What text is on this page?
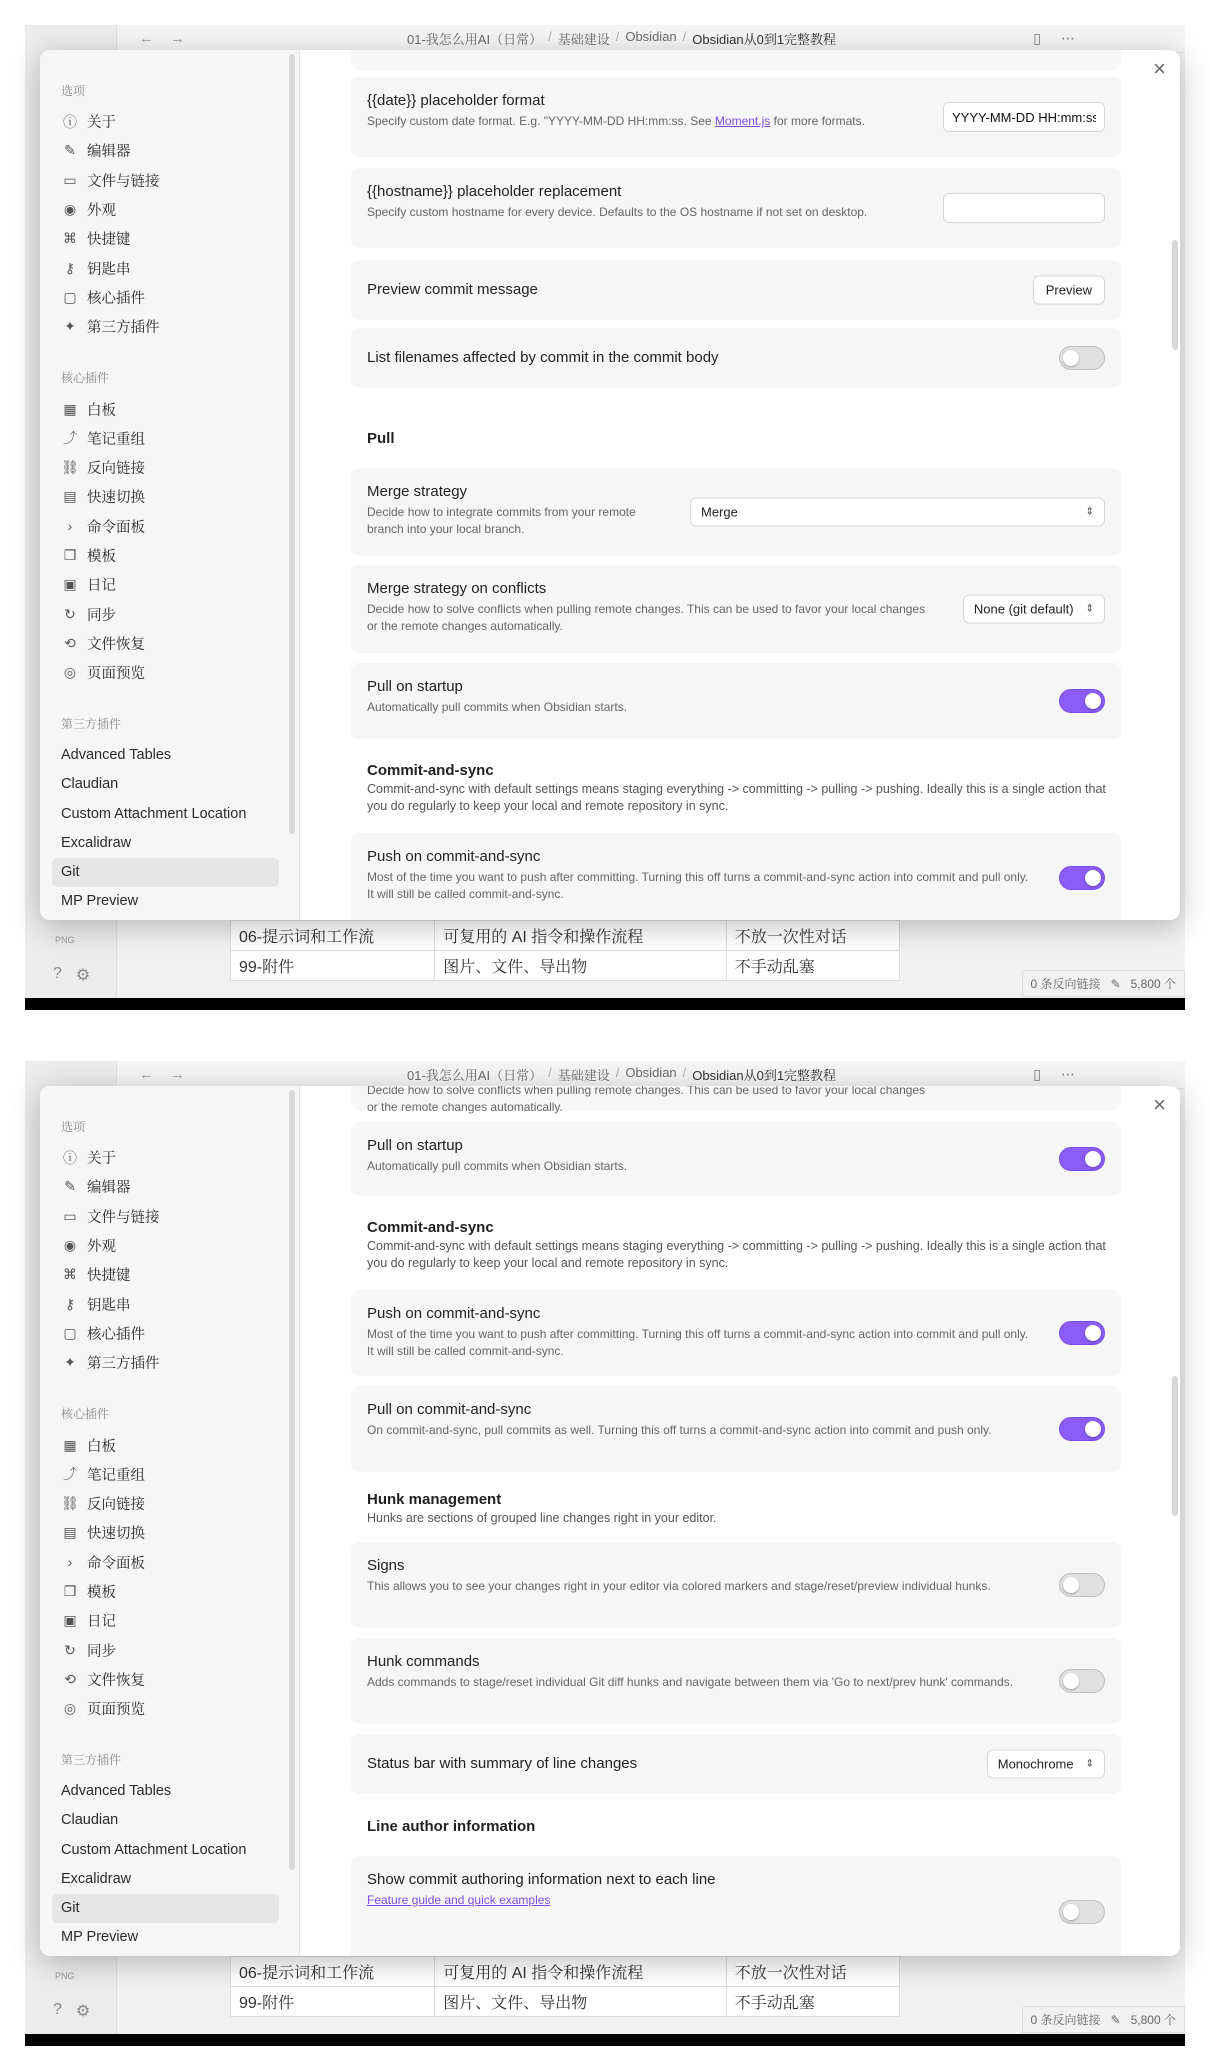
← →	01-我怎么用AI（日常） / 基础建设 / Obsidian / Obsidian从0到1完整教程	▯ ⋯
PNG	06-提示词和工作流	可复用的 AI 指令和操作流程	不放一次性对话
99-附件	图片、文件、导出物	不手动乱塞
? ⚙	0 条反向链接 ✎ 5,800 个
选项
ⓘ 关于
✎ 编辑器
▭ 文件与链接
◉ 外观
⌘ 快捷键
⚷ 钥匙串
▢ 核心插件
✦ 第三方插件
核心插件
▦ 白板
⤴ 笔记重组
⛓ 反向链接
▤ 快速切换
›	命令面板
❐ 模板
▣ 日记
↻ 同步
⟲ 文件恢复
◎ 页面预览
第三方插件
Advanced Tables
Claudian
Custom Attachment Location
Excalidraw
Git
MP Preview
×
{{date}} placeholder format
Specify custom date format. E.g. "YYYY-MM-DD HH:mm:ss. See Moment.js for more formats.
YYYY-MM-DD HH:mm:ss
{{hostname}} placeholder replacement
Specify custom hostname for every device. Defaults to the OS hostname if not set on desktop.
Preview commit message	Preview
List filenames affected by commit in the commit body
Pull
Merge strategy
Decide how to integrate commits from your remote branch into your local branch.
Merge	⇕
Merge strategy on conflicts
Decide how to solve conflicts when pulling remote changes. This can be used to favor your local changes or the remote changes automatically.
None (git default) ⇕
Pull on startup
Automatically pull commits when Obsidian starts.
Commit-and-sync
Commit-and-sync with default settings means staging everything -> committing -> pulling -> pushing. Ideally this is a single action that you do regularly to keep your local and remote repository in sync.
Push on commit-and-sync
Most of the time you want to push after committing. Turning this off turns a commit-and-sync action into commit and pull only. It will still be called commit-and-sync.
← →	01-我怎么用AI（日常） / 基础建设 / Obsidian / Obsidian从0到1完整教程	▯ ⋯
PNG	06-提示词和工作流	可复用的 AI 指令和操作流程	不放一次性对话
99-附件	图片、文件、导出物	不手动乱塞
? ⚙	0 条反向链接 ✎ 5,800 个
选项
ⓘ 关于
✎ 编辑器
▭ 文件与链接
◉ 外观
⌘ 快捷键
⚷ 钥匙串
▢ 核心插件
✦ 第三方插件
核心插件
▦ 白板
⤴ 笔记重组
⛓ 反向链接
▤ 快速切换
›	命令面板
❐ 模板
▣ 日记
↻ 同步
⟲ 文件恢复
◎ 页面预览
第三方插件
Advanced Tables
Claudian
Custom Attachment Location
Excalidraw
Git
MP Preview
×
Decide how to solve conflicts when pulling remote changes. This can be used to favor your local changes or the remote changes automatically.
Pull on startup
Automatically pull commits when Obsidian starts.
Commit-and-sync
Commit-and-sync with default settings means staging everything -> committing -> pulling -> pushing. Ideally this is a single action that you do regularly to keep your local and remote repository in sync.
Push on commit-and-sync
Most of the time you want to push after committing. Turning this off turns a commit-and-sync action into commit and pull only. It will still be called commit-and-sync.
Pull on commit-and-sync
On commit-and-sync, pull commits as well. Turning this off turns a commit-and-sync action into commit and push only.
Hunk management
Hunks are sections of grouped line changes right in your editor.
Signs
This allows you to see your changes right in your editor via colored markers and stage/reset/preview individual hunks.
Hunk commands
Adds commands to stage/reset individual Git diff hunks and navigate between them via 'Go to next/prev hunk' commands.
Status bar with summary of line changes	Monochrome ⇕
Line author information
Show commit authoring information next to each line
Feature guide and quick examples
